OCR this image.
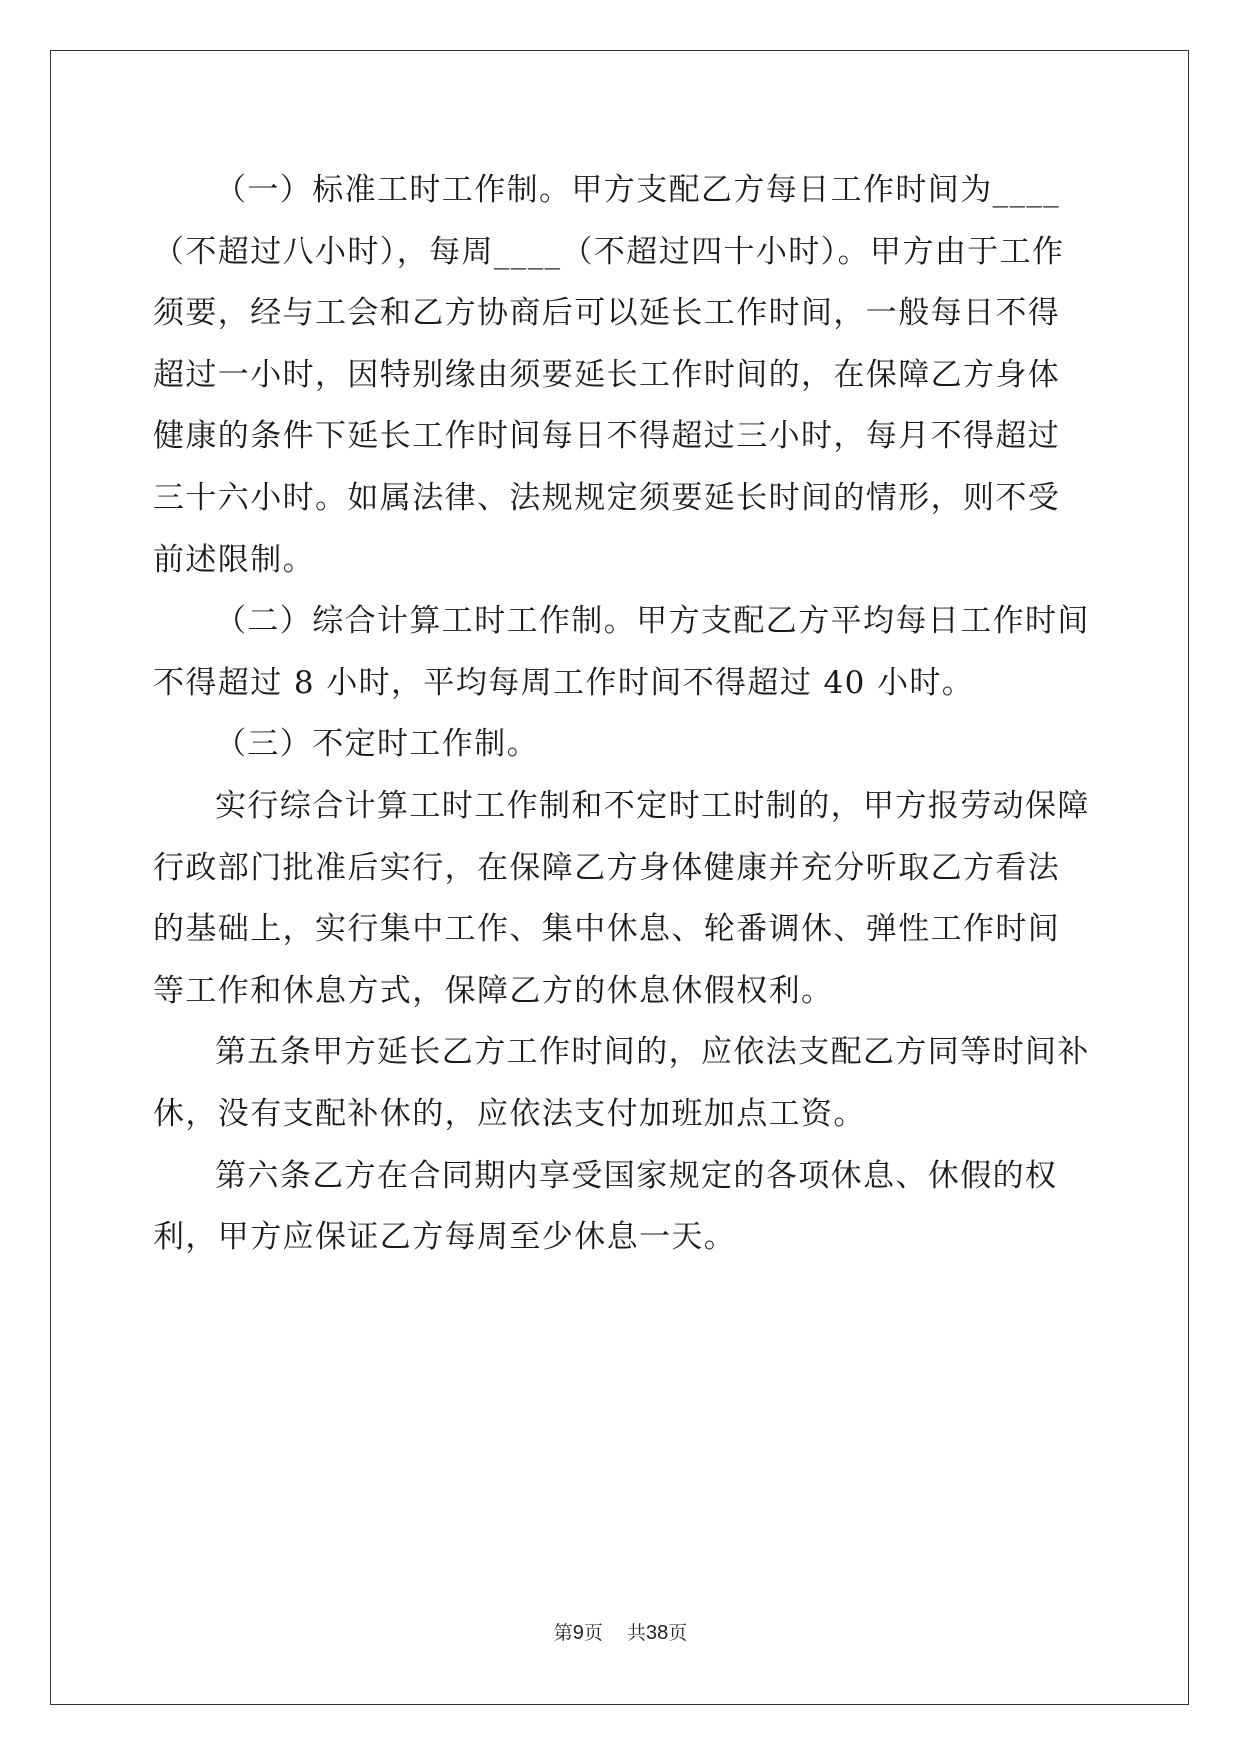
（一）标准工时工作制。甲方支配乙方每日工作时间为____（不超过八小时），每周____（不超过四十小时）。甲方由于工作须要，经与工会和乙方协商后可以延长工作时间，一般每日不得超过一小时，因特别缘由须要延长工作时间的，在保障乙方身体健康的条件下延长工作时间每日不得超过三小时，每月不得超过三十六小时。如属法律、法规规定须要延长时间的情形，则不受前述限制。

（二）综合计算工时工作制。甲方支配乙方平均每日工作时间不得超过 8 小时，平均每周工作时间不得超过 40 小时。

（三）不定时工作制。

实行综合计算工时工作制和不定时工时制的，甲方报劳动保障行政部门批准后实行，在保障乙方身体健康并充分听取乙方看法的基础上，实行集中工作、集中休息、轮番调休、弹性工作时间等工作和休息方式，保障乙方的休息休假权利。

第五条甲方延长乙方工作时间的，应依法支配乙方同等时间补休，没有支配补休的，应依法支付加班加点工资。

第六条乙方在合同期内享受国家规定的各项休息、休假的权利，甲方应保证乙方每周至少休息一天。

第9页 共38页
